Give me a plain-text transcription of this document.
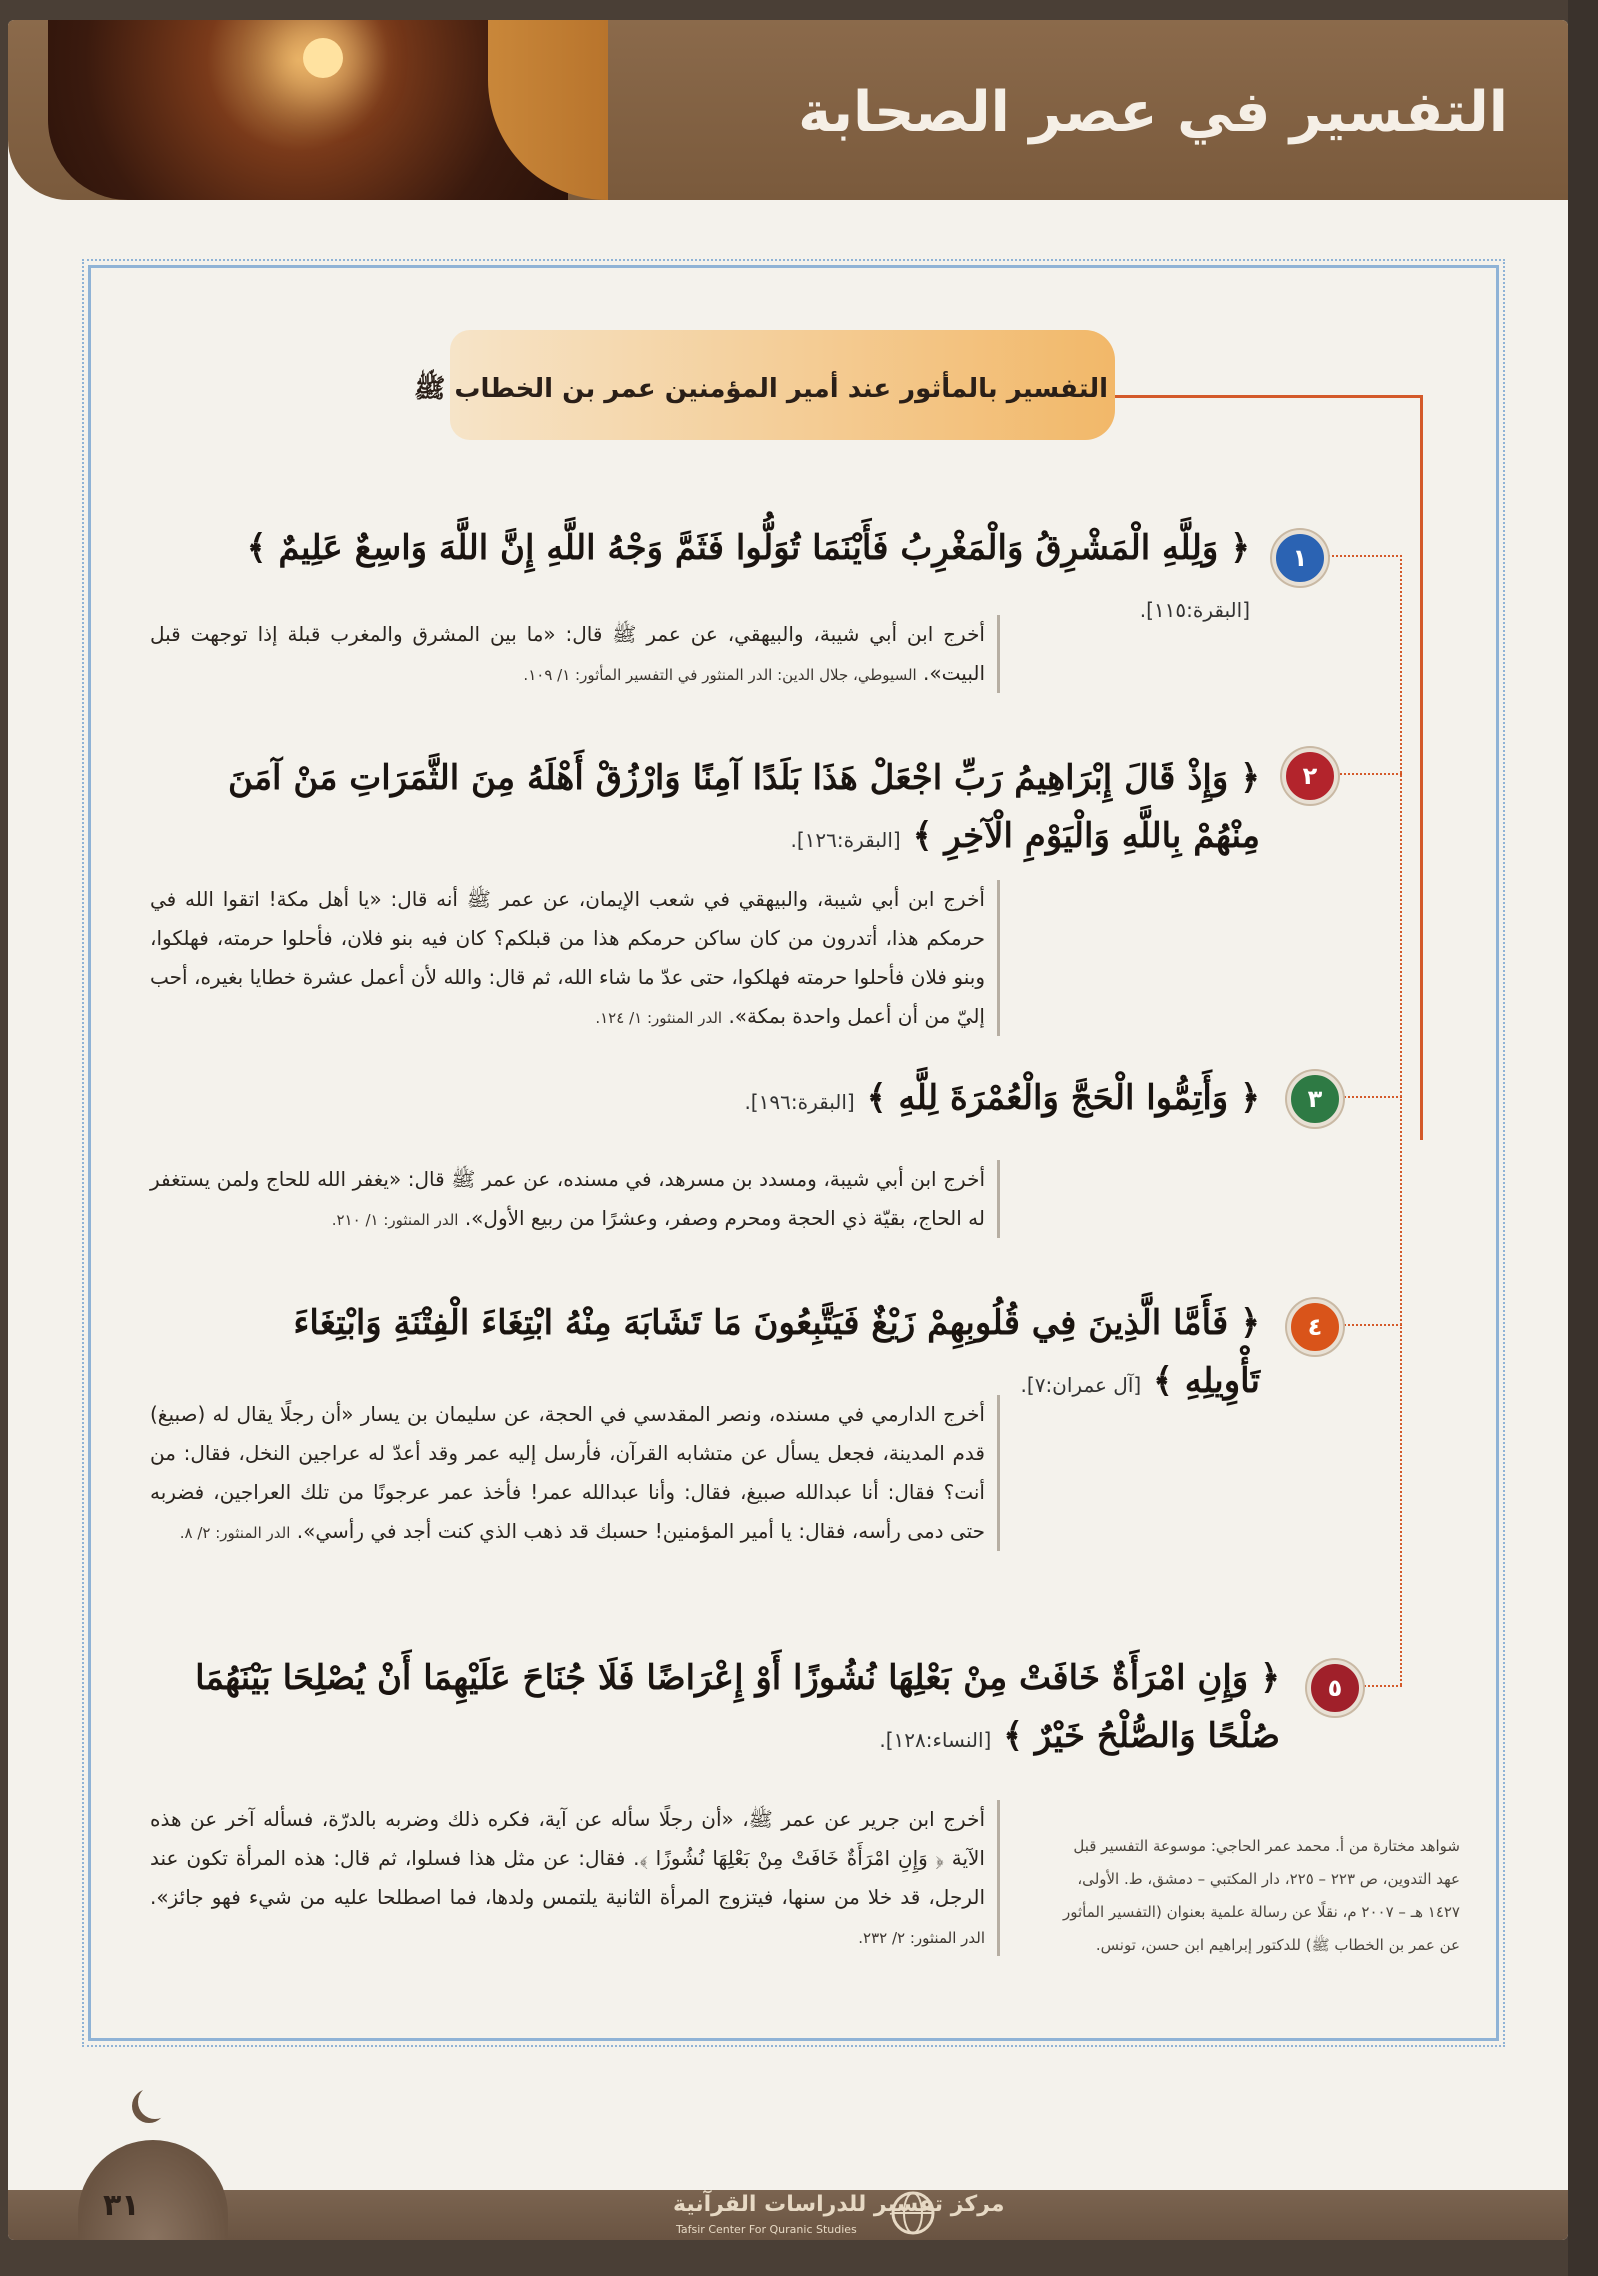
التفسير في عصر الصحابة
٣١	مركز تفسير للدراسات القرآنية
Tafsir Center For Quranic Studies
التفسير بالمأثور عند أمير المؤمنين عمر بن الخطاب ﷺ
١
﴿ وَلِلَّهِ الْمَشْرِقُ وَالْمَغْرِبُ فَأَيْنَمَا تُوَلُّوا فَثَمَّ وَجْهُ اللَّهِ إِنَّ اللَّهَ وَاسِعٌ عَلِيمٌ ﴾ [البقرة:١١٥].
أخرج ابن أبي شيبة، والبيهقي، عن عمر ﷺ قال: «ما بين المشرق والمغرب قبلة إذا توجهت قبل البيت». السيوطي، جلال الدين: الدر المنثور في التفسير المأثور: ١/ ١٠٩.
٢
﴿ وَإِذْ قَالَ إِبْرَاهِيمُ رَبِّ اجْعَلْ هَذَا بَلَدًا آمِنًا وَارْزُقْ أَهْلَهُ مِنَ الثَّمَرَاتِ مَنْ آمَنَ مِنْهُمْ بِاللَّهِ وَالْيَوْمِ الْآخِرِ ﴾ [البقرة:١٢٦].
أخرج ابن أبي شيبة، والبيهقي في شعب الإيمان، عن عمر ﷺ أنه قال: «يا أهل مكة! اتقوا الله في حرمكم هذا، أتدرون من كان ساكن حرمكم هذا من قبلكم؟ كان فيه بنو فلان، فأحلوا حرمته، فهلكوا، وبنو فلان فأحلوا حرمته فهلكوا، حتى عدّ ما شاء الله، ثم قال: والله لأن أعمل عشرة خطايا بغيره، أحب إليّ من أن أعمل واحدة بمكة». الدر المنثور: ١/ ١٢٤.
٣
﴿ وَأَتِمُّوا الْحَجَّ وَالْعُمْرَةَ لِلَّهِ ﴾ [البقرة:١٩٦].
أخرج ابن أبي شيبة، ومسدد بن مسرهد، في مسنده، عن عمر ﷺ قال: «يغفر الله للحاج ولمن يستغفر له الحاج، بقيّة ذي الحجة ومحرم وصفر، وعشرًا من ربيع الأول». الدر المنثور: ١/ ٢١٠.
٤
﴿ فَأَمَّا الَّذِينَ فِي قُلُوبِهِمْ زَيْغٌ فَيَتَّبِعُونَ مَا تَشَابَهَ مِنْهُ ابْتِغَاءَ الْفِتْنَةِ وَابْتِغَاءَ تَأْوِيلِهِ ﴾ [آل عمران:٧].
أخرج الدارمي في مسنده، ونصر المقدسي في الحجة، عن سليمان بن يسار «أن رجلًا يقال له (صبيغ) قدم المدينة، فجعل يسأل عن متشابه القرآن، فأرسل إليه عمر وقد أعدّ له عراجين النخل، فقال: من أنت؟ فقال: أنا عبدالله صبيغ، فقال: وأنا عبدالله عمر! فأخذ عمر عرجونًا من تلك العراجين، فضربه حتى دمى رأسه، فقال: يا أمير المؤمنين! حسبك قد ذهب الذي كنت أجد في رأسي». الدر المنثور: ٢/ ٨.
٥
﴿ وَإِنِ امْرَأَةٌ خَافَتْ مِنْ بَعْلِهَا نُشُوزًا أَوْ إِعْرَاضًا فَلَا جُنَاحَ عَلَيْهِمَا أَنْ يُصْلِحَا بَيْنَهُمَا صُلْحًا وَالصُّلْحُ خَيْرٌ ﴾ [النساء:١٢٨].
أخرج ابن جرير عن عمر ﷺ، «أن رجلًا سأله عن آية، فكره ذلك وضربه بالدرّة، فسأله آخر عن هذه الآية ﴿ وَإِنِ امْرَأَةٌ خَافَتْ مِنْ بَعْلِهَا نُشُوزًا ﴾. فقال: عن مثل هذا فسلوا، ثم قال: هذه المرأة تكون عند الرجل، قد خلا من سنها، فيتزوج المرأة الثانية يلتمس ولدها، فما اصطلحا عليه من شيء فهو جائز». الدر المنثور: ٢/ ٢٣٢.
شواهد مختارة من أ. محمد عمر الحاجي: موسوعة التفسير قبل عهد التدوين، ص ٢٢٣ – ٢٢٥، دار المكتبي – دمشق، ط. الأولى، ١٤٢٧ هـ – ٢٠٠٧ م، نقلًا عن رسالة علمية بعنوان (التفسير المأثور عن عمر بن الخطاب ﷺ) للدكتور إبراهيم ابن حسن، تونس.
